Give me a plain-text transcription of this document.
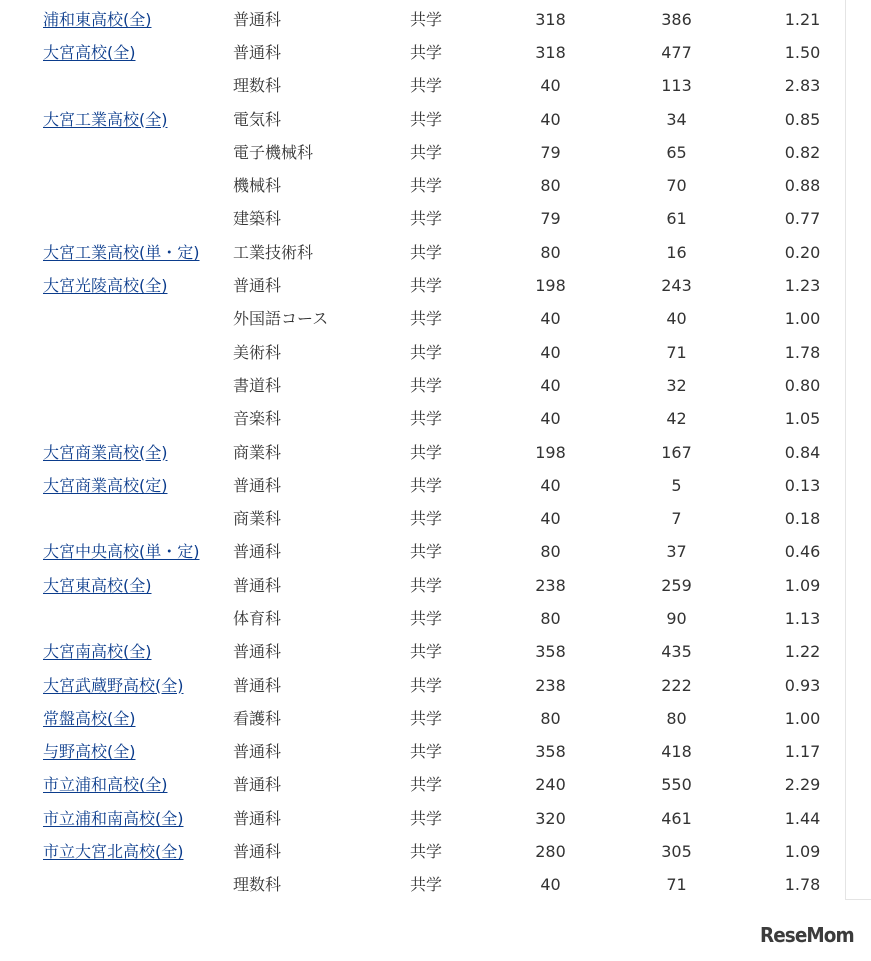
浦和東高校(全)	普通科	共学	318	386	1.21
大宮高校(全)	普通科	共学	318	477	1.50
	理数科	共学	40	113	2.83
大宮工業高校(全)	電気科	共学	40	34	0.85
	電子機械科	共学	79	65	0.82
	機械科	共学	80	70	0.88
	建築科	共学	79	61	0.77
大宮工業高校(単・定)	工業技術科	共学	80	16	0.20
大宮光陵高校(全)	普通科	共学	198	243	1.23
	外国語コース	共学	40	40	1.00
	美術科	共学	40	71	1.78
	書道科	共学	40	32	0.80
	音楽科	共学	40	42	1.05
大宮商業高校(全)	商業科	共学	198	167	0.84
大宮商業高校(定)	普通科	共学	40	5	0.13
	商業科	共学	40	7	0.18
大宮中央高校(単・定)	普通科	共学	80	37	0.46
大宮東高校(全)	普通科	共学	238	259	1.09
	体育科	共学	80	90	1.13
大宮南高校(全)	普通科	共学	358	435	1.22
大宮武蔵野高校(全)	普通科	共学	238	222	0.93
常盤高校(全)	看護科	共学	80	80	1.00
与野高校(全)	普通科	共学	358	418	1.17
市立浦和高校(全)	普通科	共学	240	550	2.29
市立浦和南高校(全)	普通科	共学	320	461	1.44
市立大宮北高校(全)	普通科	共学	280	305	1.09
	理数科	共学	40	71	1.78
ReseMom
